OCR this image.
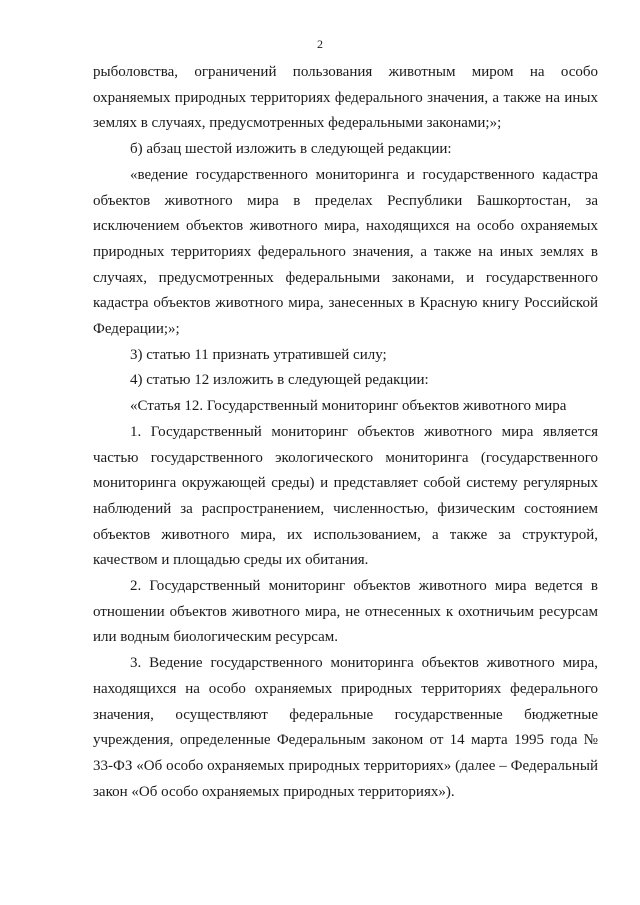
2

рыболовства, ограничений пользования животным миром на особо охраняемых природных территориях федерального значения, а также на иных землях в случаях, предусмотренных федеральными законами;»;

б) абзац шестой изложить в следующей редакции:

«ведение государственного мониторинга и государственного кадастра объектов животного мира в пределах Республики Башкортостан, за исключением объектов животного мира, находящихся на особо охраняемых природных территориях федерального значения, а также на иных землях в случаях, предусмотренных федеральными законами, и государственного кадастра объектов животного мира, занесенных в Красную книгу Российской Федерации;»;

3) статью 11 признать утратившей силу;

4) статью 12 изложить в следующей редакции:

«Статья 12. Государственный мониторинг объектов животного мира

1. Государственный мониторинг объектов животного мира является частью государственного экологического мониторинга (государственного мониторинга окружающей среды) и представляет собой систему регулярных наблюдений за распространением, численностью, физическим состоянием объектов животного мира, их использованием, а также за структурой, качеством и площадью среды их обитания.

2. Государственный мониторинг объектов животного мира ведется в отношении объектов животного мира, не отнесенных к охотничьим ресурсам или водным биологическим ресурсам.

3. Ведение государственного мониторинга объектов животного мира, находящихся на особо охраняемых природных территориях федерального значения, осуществляют федеральные государственные бюджетные учреждения, определенные Федеральным законом от 14 марта 1995 года № 33-ФЗ «Об особо охраняемых природных территориях» (далее – Федеральный закон «Об особо охраняемых природных территориях»).
